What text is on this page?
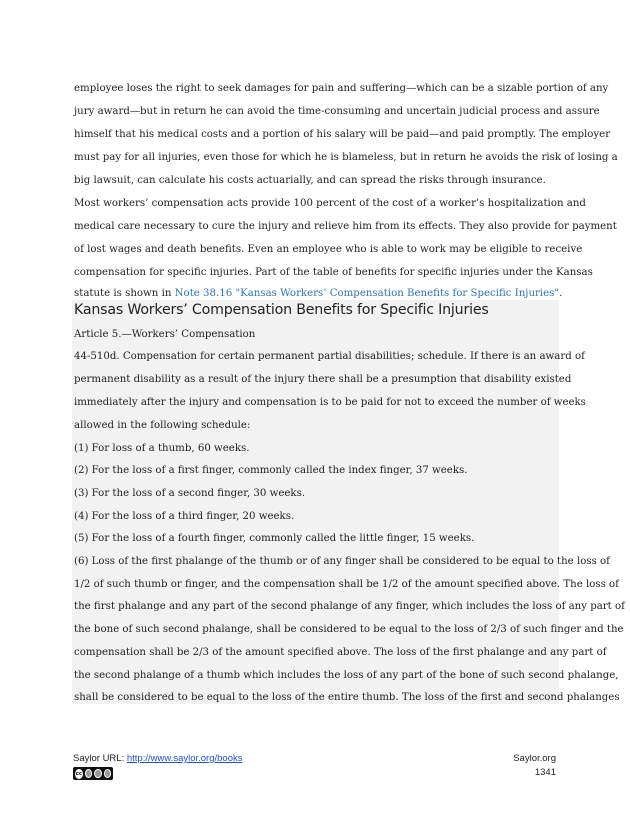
employee loses the right to seek damages for pain and suffering—which can be a sizable portion of any
jury award—but in return he can avoid the time-consuming and uncertain judicial process and assure
himself that his medical costs and a portion of his salary will be paid—and paid promptly. The employer
must pay for all injuries, even those for which he is blameless, but in return he avoids the risk of losing a
big lawsuit, can calculate his costs actuarially, and can spread the risks through insurance.
Most workers’ compensation acts provide 100 percent of the cost of a worker’s hospitalization and
medical care necessary to cure the injury and relieve him from its effects. They also provide for payment
of lost wages and death benefits. Even an employee who is able to work may be eligible to receive
compensation for specific injuries. Part of the table of benefits for specific injuries under the Kansas
statute is shown in Note 38.16 "Kansas Workers’ Compensation Benefits for Specific Injuries".
Kansas Workers’ Compensation Benefits for Specific Injuries
Article 5.—Workers’ Compensation
44-510d. Compensation for certain permanent partial disabilities; schedule. If there is an award of
permanent disability as a result of the injury there shall be a presumption that disability existed
immediately after the injury and compensation is to be paid for not to exceed the number of weeks
allowed in the following schedule:
(1) For loss of a thumb, 60 weeks.
(2) For the loss of a first finger, commonly called the index finger, 37 weeks.
(3) For the loss of a second finger, 30 weeks.
(4) For the loss of a third finger, 20 weeks.
(5) For the loss of a fourth finger, commonly called the little finger, 15 weeks.
(6) Loss of the first phalange of the thumb or of any finger shall be considered to be equal to the loss of
1/2 of such thumb or finger, and the compensation shall be 1/2 of the amount specified above. The loss of
the first phalange and any part of the second phalange of any finger, which includes the loss of any part of
the bone of such second phalange, shall be considered to be equal to the loss of 2/3 of such finger and the
compensation shall be 2/3 of the amount specified above. The loss of the first phalange and any part of
the second phalange of a thumb which includes the loss of any part of the bone of such second phalange,
shall be considered to be equal to the loss of the entire thumb. The loss of the first and second phalanges
Saylor URL: http://www.saylor.org/books
cc
Saylor.org
1341
